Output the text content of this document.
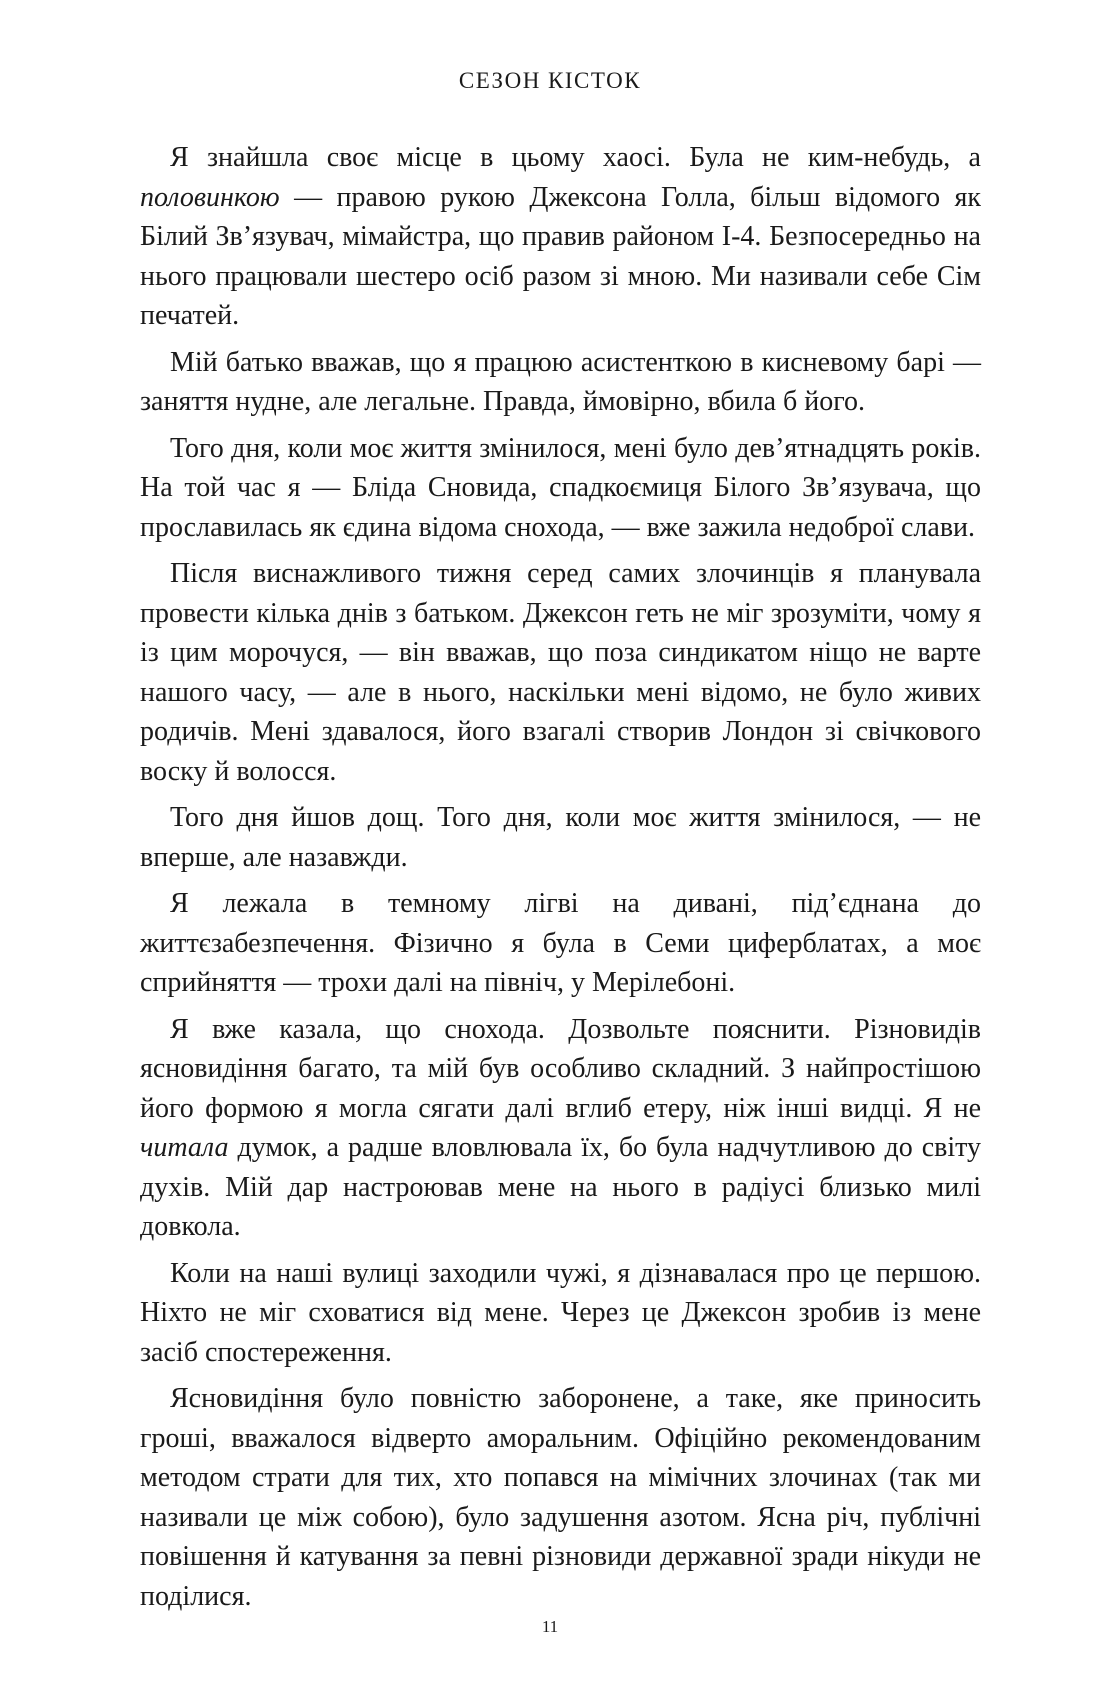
СЕЗОН КІСТОК

Я знайшла своє місце в цьому хаосі. Була не ким-небудь, а половинкою — правою рукою Джексона Голла, більш відомого як Білий Зв’язувач, мімайстра, що правив районом І-4. Безпосередньо на нього працювали шестеро осіб разом зі мною. Ми називали себе Сім печатей.

Мій батько вважав, що я працюю асистенткою в кисневому барі — заняття нудне, але легальне. Правда, ймовірно, вбила б його.

Того дня, коли моє життя змінилося, мені було дев’ятнадцять років. На той час я — Бліда Сновида, спадкоємиця Білого Зв’язувача, що прославилась як єдина відома снохода, — вже зажила недоброї слави.

Після виснажливого тижня серед самих злочинців я планувала провести кілька днів з батьком. Джексон геть не міг зрозуміти, чому я із цим морочуся, — він вважав, що поза синдикатом ніщо не варте нашого часу, — але в нього, наскільки мені відомо, не було живих родичів. Мені здавалося, його взагалі створив Лондон зі свічкового воску й волосся.

Того дня йшов дощ. Того дня, коли моє життя змінилося, — не вперше, але назавжди.

Я лежала в темному лігві на дивані, під’єднана до життєзабезпечення. Фізично я була в Семи циферблатах, а моє сприйняття — трохи далі на північ, у Мерілебоні.

Я вже казала, що снохода. Дозвольте пояснити. Різновидів ясновидіння багато, та мій був особливо складний. З найпростішою його формою я могла сягати далі вглиб етеру, ніж інші видці. Я не читала думок, а радше вловлювала їх, бо була надчутливою до світу духів. Мій дар настроював мене на нього в радіусі близько милі довкола.

Коли на наші вулиці заходили чужі, я дізнавалася про це першою. Ніхто не міг сховатися від мене. Через це Джексон зробив із мене засіб спостереження.

Ясновидіння було повністю заборонене, а таке, яке приносить гроші, вважалося відверто аморальним. Офіційно рекомендованим методом страти для тих, хто попався на мімічних злочинах (так ми називали це між собою), було задушення азотом. Ясна річ, публічні повішення й катування за певні різновиди державної зради нікуди не поділися.

11
